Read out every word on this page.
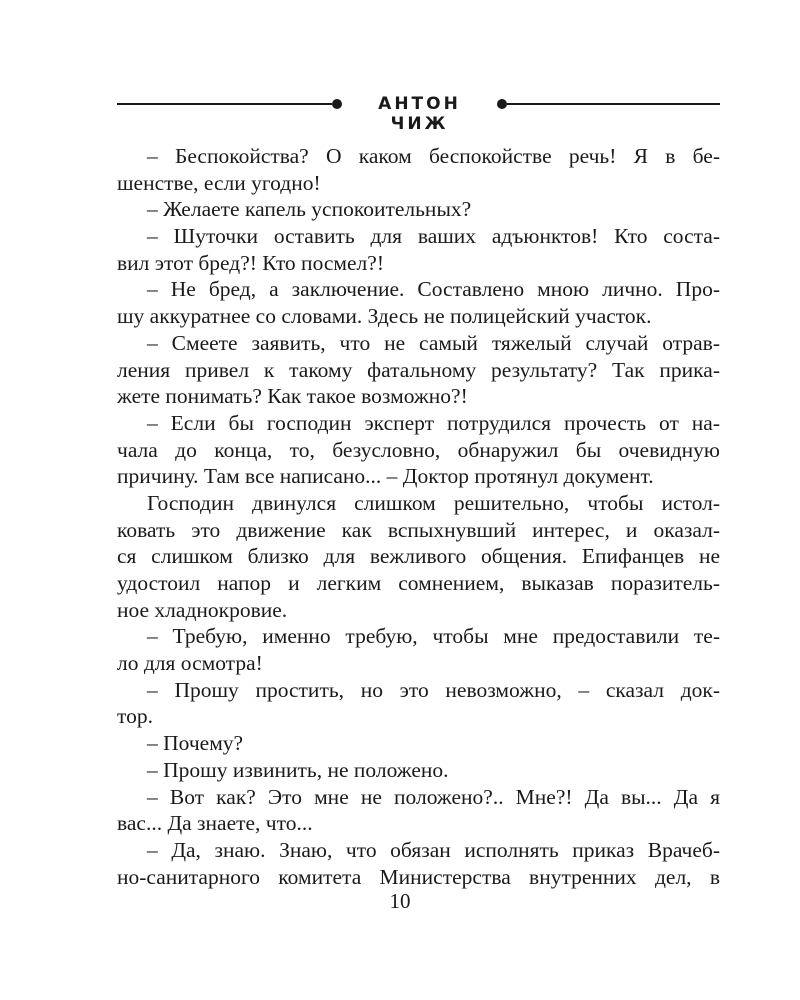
АНТОН ЧИЖ
– Беспокойства? О каком беспокойстве речь! Я в бе-
шенстве, если угодно!
– Желаете капель успокоительных?
– Шуточки оставить для ваших адъюнктов! Кто соста-
вил этот бред?! Кто посмел?!
– Не бред, а заключение. Составлено мною лично. Про-
шу аккуратнее со словами. Здесь не полицейский участок.
– Смеете заявить, что не самый тяжелый случай отрав-
ления привел к такому фатальному результату? Так прика-
жете понимать? Как такое возможно?!
– Если бы господин эксперт потрудился прочесть от на-
чала до конца, то, безусловно, обнаружил бы очевидную
причину. Там все написано... – Доктор протянул документ.
Господин двинулся слишком решительно, чтобы истол-
ковать это движение как вспыхнувший интерес, и оказал-
ся слишком близко для вежливого общения. Епифанцев не
удостоил напор и легким сомнением, выказав поразитель-
ное хладнокровие.
– Требую, именно требую, чтобы мне предоставили те-
ло для осмотра!
– Прошу простить, но это невозможно, – сказал док-
тор.
– Почему?
– Прошу извинить, не положено.
– Вот как? Это мне не положено?.. Мне?! Да вы... Да я
вас... Да знаете, что...
– Да, знаю. Знаю, что обязан исполнять приказ Врачеб-
но-санитарного комитета Министерства внутренних дел, в
10
